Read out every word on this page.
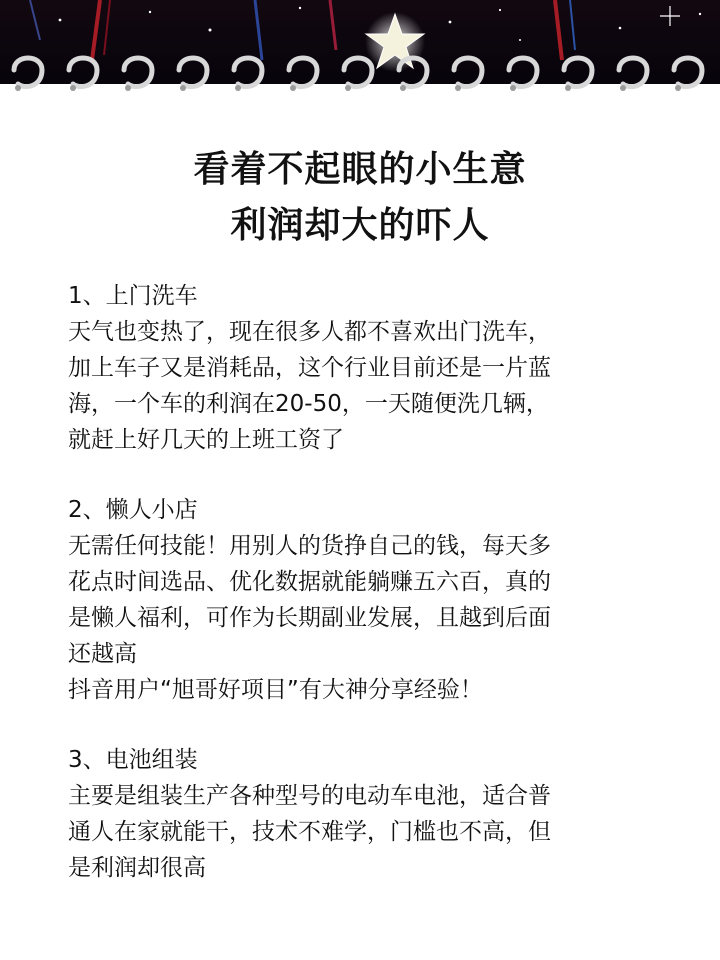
看着不起眼的小生意
利润却大的吓人

1、上门洗车

天气也变热了，现在很多人都不喜欢出门洗车，

加上车子又是消耗品，这个行业目前还是一片蓝

海，一个车的利润在20-50，一天随便洗几辆，

就赶上好几天的上班工资了

2、懒人小店

无需任何技能！用别人的货挣自己的钱，每天多

花点时间选品、优化数据就能躺赚五六百，真的

是懒人福利，可作为长期副业发展，且越到后面

还越高

抖音用户“旭哥好项目”有大神分享经验！

3、电池组装

主要是组装生产各种型号的电动车电池，适合普

通人在家就能干，技术不难学，门槛也不高，但

是利润却很高
